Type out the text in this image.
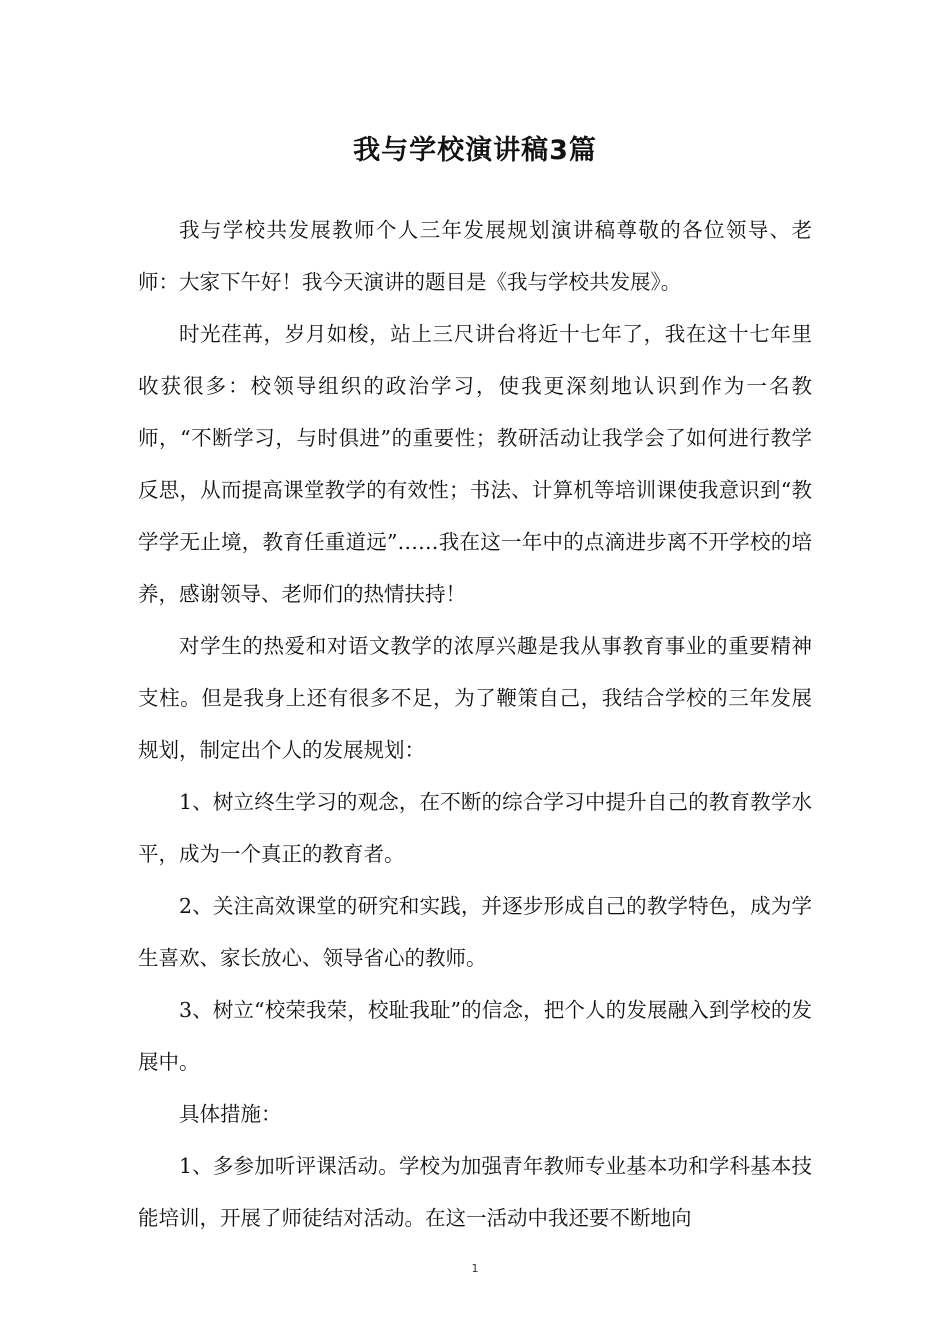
我与学校演讲稿3篇

我与学校共发展教师个人三年发展规划演讲稿尊敬的各位领导、老师：大家下午好！我今天演讲的题目是《我与学校共发展》。

时光荏苒，岁月如梭，站上三尺讲台将近十七年了，我在这十七年里收获很多：校领导组织的政治学习，使我更深刻地认识到作为一名教师，“不断学习，与时俱进”的重要性；教研活动让我学会了如何进行教学反思，从而提高课堂教学的有效性；书法、计算机等培训课使我意识到“教学学无止境，教育任重道远”……我在这一年中的点滴进步离不开学校的培养，感谢领导、老师们的热情扶持！

对学生的热爱和对语文教学的浓厚兴趣是我从事教育事业的重要精神支柱。但是我身上还有很多不足，为了鞭策自己，我结合学校的三年发展规划，制定出个人的发展规划：

1、树立终生学习的观念，在不断的综合学习中提升自己的教育教学水平，成为一个真正的教育者。

2、关注高效课堂的研究和实践，并逐步形成自己的教学特色，成为学生喜欢、家长放心、领导省心的教师。

3、树立“校荣我荣，校耻我耻”的信念，把个人的发展融入到学校的发展中。

具体措施：

1、多参加听评课活动。学校为加强青年教师专业基本功和学科基本技能培训，开展了师徒结对活动。在这一活动中我还要不断地向

1
